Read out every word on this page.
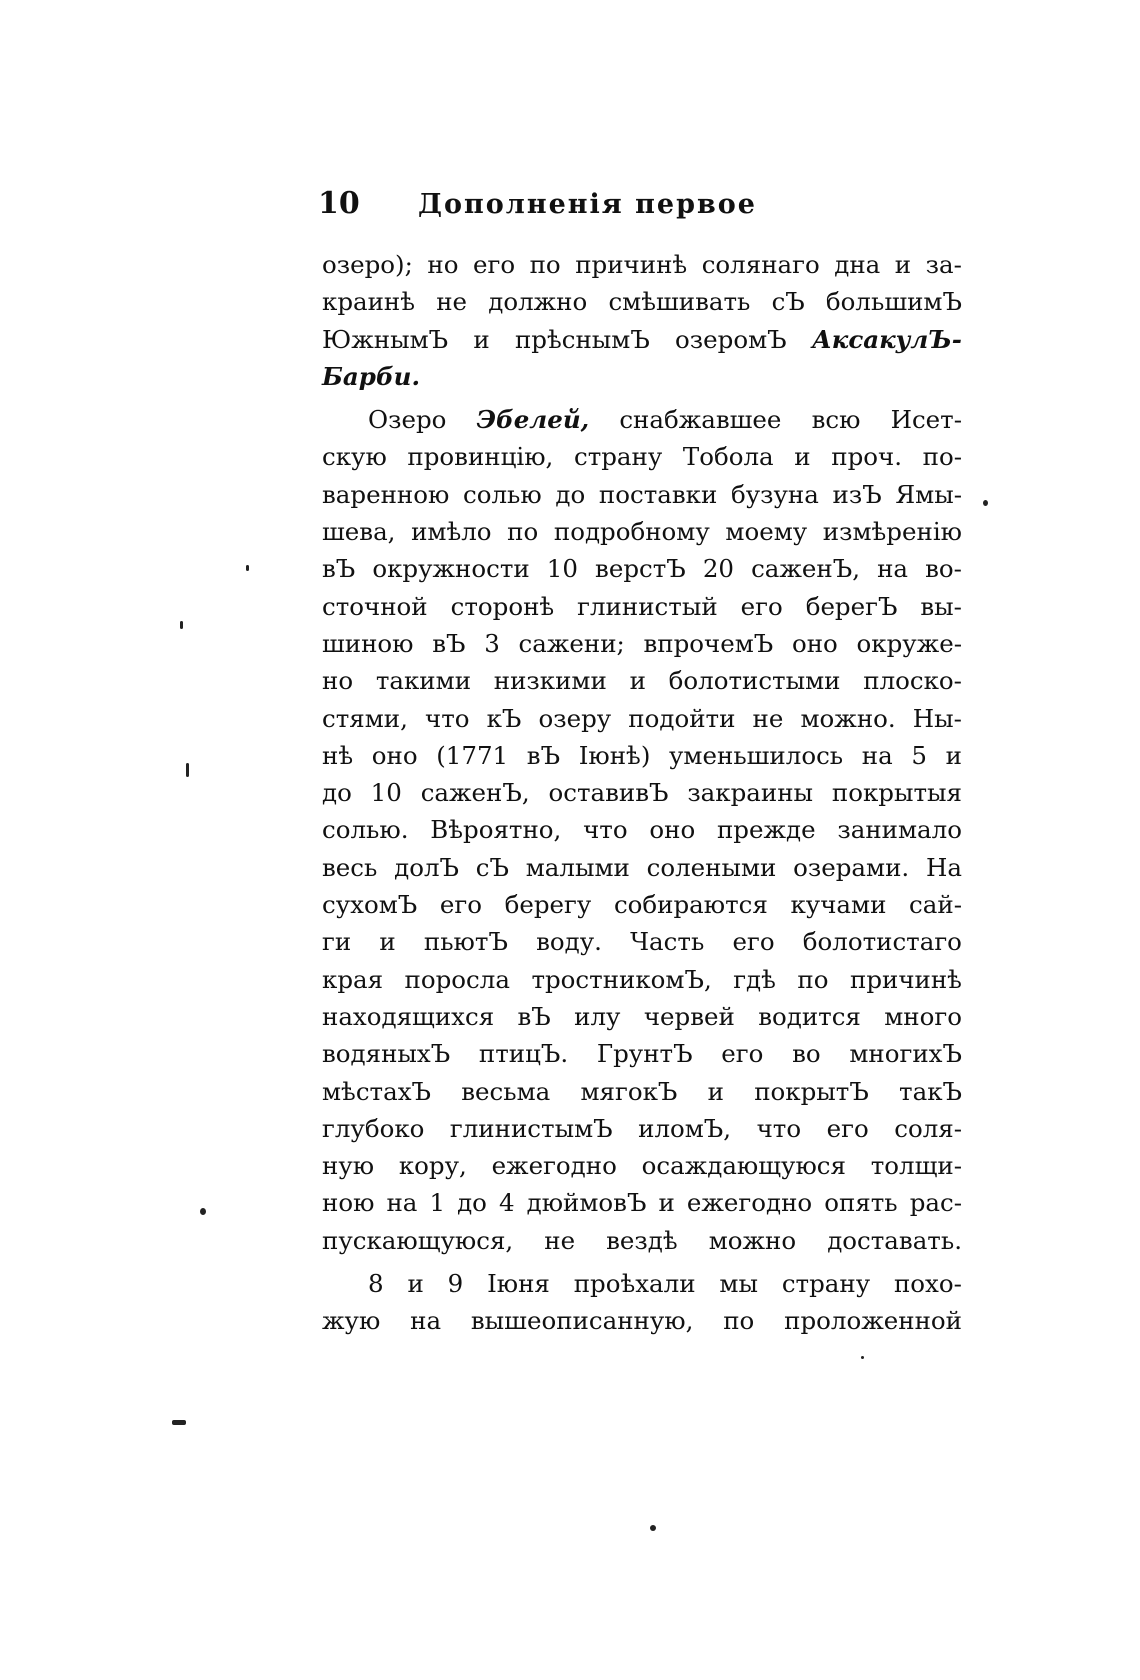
10	Дополненія первое
озеро); но его по причинѣ солянаго дна и за-
краинѣ не должно смѣшивать сЪ большимЪ
ЮжнымЪ и прѣснымЪ озеромЪ АксакулЪ-
Барби.
Озеро Эбелей, снабжавшее всю Исет-
скую провинцію, страну Тобола и проч. по-
варенною солью до поставки бузуна изЪ Ямы-
шева, имѣло по подробному моему измѣренію
вЪ окружности 10 верстЪ 20 саженЪ, на во-
сточной сторонѣ глинистый его берегЪ вы-
шиною вЪ 3 сажени; впрочемЪ оно окруже-
но такими низкими и болотистыми плоско-
стями, что кЪ озеру подойти не можно. Ны-
нѣ оно (1771 вЪ Іюнѣ) уменьшилось на 5 и
до 10 саженЪ, оставивЪ закраины покрытыя
солью. Вѣроятно, что оно прежде занимало
весь долЪ сЪ малыми солеными озерами. На
сухомЪ его берегу собираются кучами сай-
ги и пьютЪ воду. Часть его болотистаго
края поросла тростникомЪ, гдѣ по причинѣ
находящихся вЪ илу червей водится много
водяныхЪ птицЪ. ГрунтЪ его во многихЪ
мѣстахЪ весьма мягокЪ и покрытЪ такЪ
глубоко глинистымЪ иломЪ, что его соля-
ную кору, ежегодно осаждающуюся толщи-
ною на 1 до 4 дюймовЪ и ежегодно опять рас-
пускающуюся, не вездѣ можно доставать.
8 и 9 Іюня проѣхали мы страну похо-
жую на вышеописанную, по проложенной
